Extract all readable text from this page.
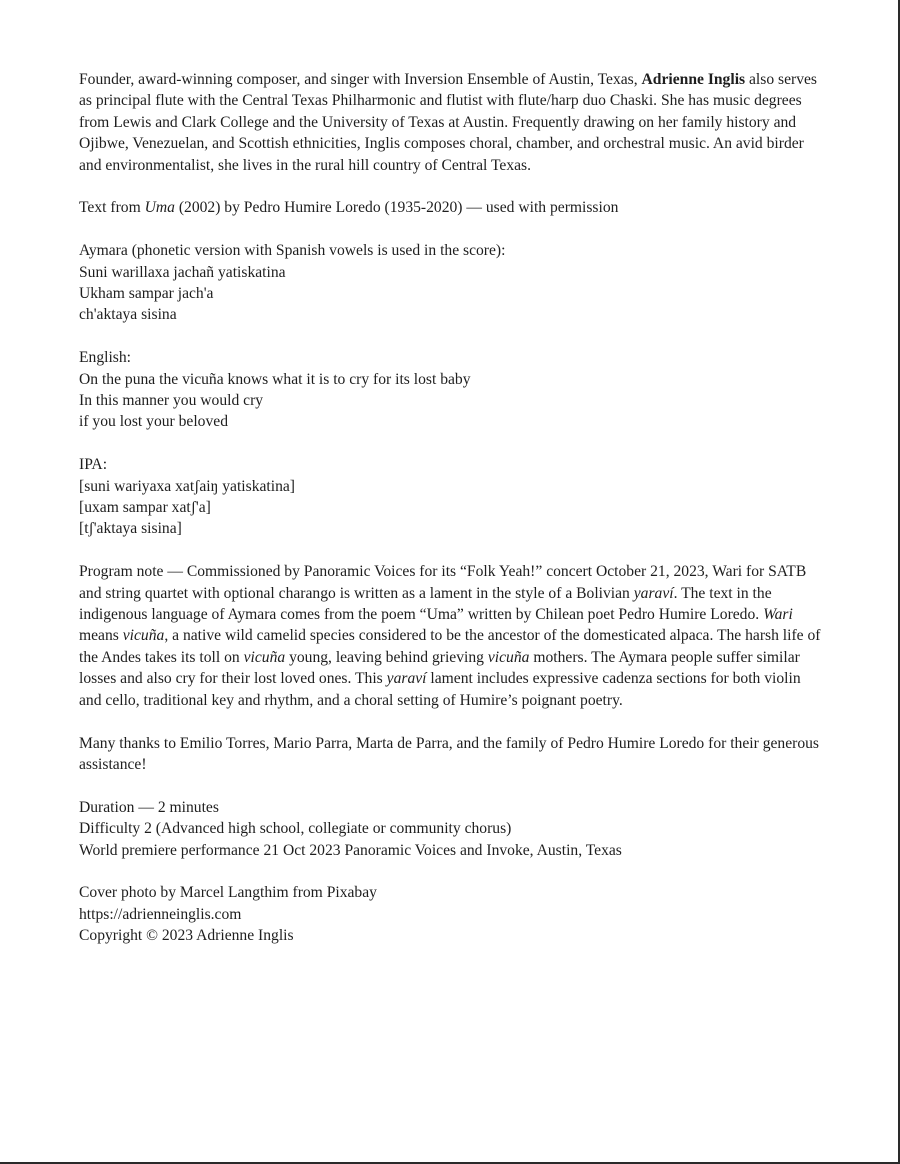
Founder, award-winning composer, and singer with Inversion Ensemble of Austin, Texas, Adrienne Inglis also serves as principal flute with the Central Texas Philharmonic and flutist with flute/harp duo Chaski. She has music degrees from Lewis and Clark College and the University of Texas at Austin. Frequently drawing on her family history and Ojibwe, Venezuelan, and Scottish ethnicities, Inglis composes choral, chamber, and orchestral music. An avid birder and environmentalist, she lives in the rural hill country of Central Texas.

Text from Uma (2002) by Pedro Humire Loredo (1935-2020) — used with permission

Aymara (phonetic version with Spanish vowels is used in the score):
Suni warillaxa jachañ yatiskatina
Ukham sampar jach'a
ch'aktaya sisina

English:
On the puna the vicuña knows what it is to cry for its lost baby
In this manner you would cry
if you lost your beloved

IPA:
[suni wariyaxa xatʃaiŋ yatiskatina]
[uxam sampar xatʃ'a]
[tʃ'aktaya sisina]

Program note — Commissioned by Panoramic Voices for its “Folk Yeah!” concert October 21, 2023, Wari for SATB and string quartet with optional charango is written as a lament in the style of a Bolivian yaraví. The text in the indigenous language of Aymara comes from the poem “Uma” written by Chilean poet Pedro Humire Loredo. Wari means vicuña, a native wild camelid species considered to be the ancestor of the domesticated alpaca. The harsh life of the Andes takes its toll on vicuña young, leaving behind grieving vicuña mothers. The Aymara people suffer similar losses and also cry for their lost loved ones. This yaraví lament includes expressive cadenza sections for both violin and cello, traditional key and rhythm, and a choral setting of Humire’s poignant poetry.

Many thanks to Emilio Torres, Mario Parra, Marta de Parra, and the family of Pedro Humire Loredo for their generous assistance!

Duration — 2 minutes
Difficulty 2 (Advanced high school, collegiate or community chorus)
World premiere performance 21 Oct 2023 Panoramic Voices and Invoke, Austin, Texas

Cover photo by Marcel Langthim from Pixabay
https://adrienneinglis.com
Copyright © 2023 Adrienne Inglis
